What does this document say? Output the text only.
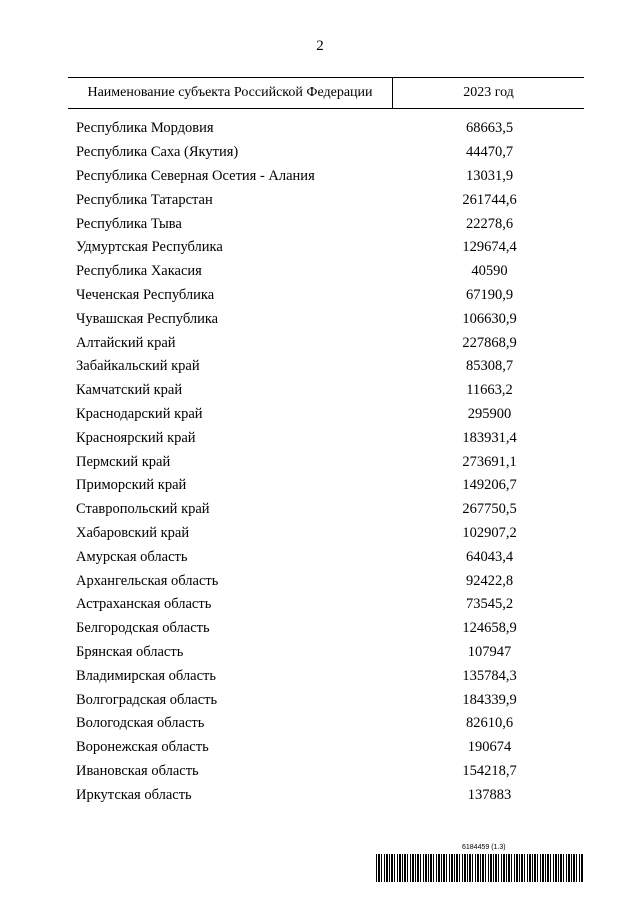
2
Наименование субъекта Российской Федерации	2023 год
Республика Мордовия	68663,5
Республика Саха (Якутия)	44470,7
Республика Северная Осетия - Алания	13031,9
Республика Татарстан	261744,6
Республика Тыва	22278,6
Удмуртская Республика	129674,4
Республика Хакасия	40590
Чеченская Республика	67190,9
Чувашская Республика	106630,9
Алтайский край	227868,9
Забайкальский край	85308,7
Камчатский край	11663,2
Краснодарский край	295900
Красноярский край	183931,4
Пермский край	273691,1
Приморский край	149206,7
Ставропольский край	267750,5
Хабаровский край	102907,2
Амурская область	64043,4
Архангельская область	92422,8
Астраханская область	73545,2
Белгородская область	124658,9
Брянская область	107947
Владимирская область	135784,3
Волгоградская область	184339,9
Вологодская область	82610,6
Воронежская область	190674
Ивановская область	154218,7
Иркутская область	137883
6184459 (1.3)
